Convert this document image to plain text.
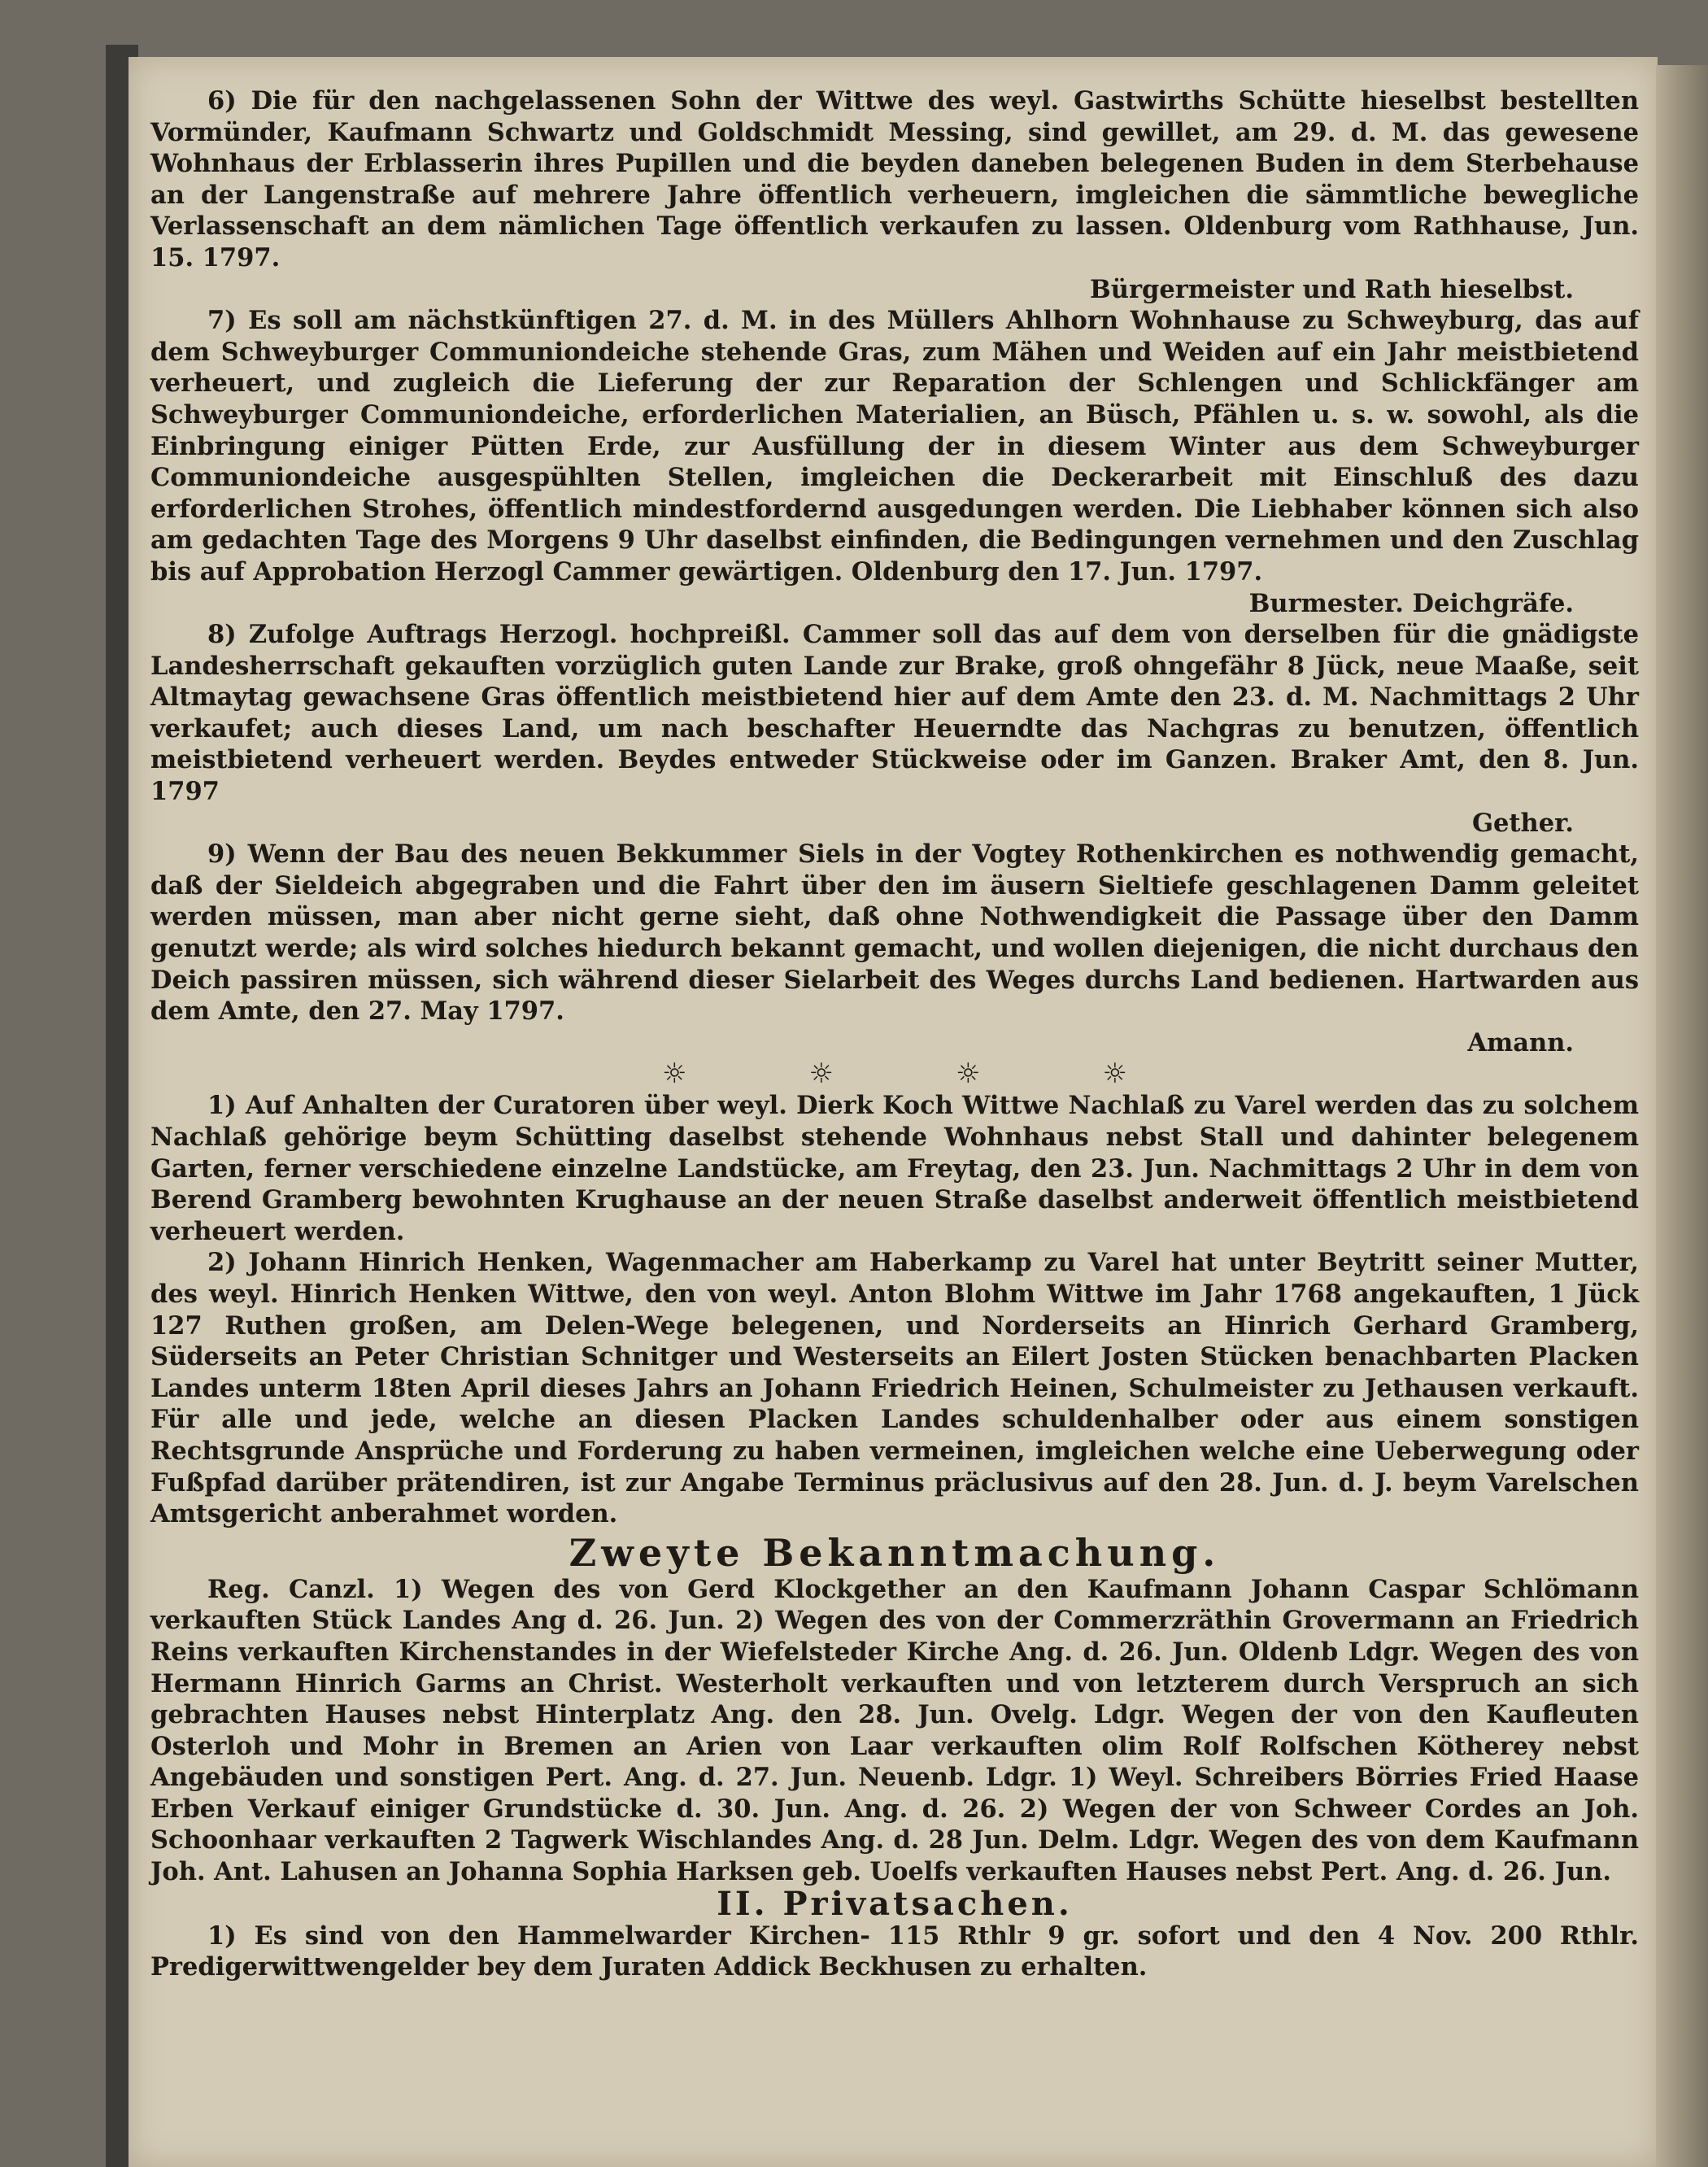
6) Die für den nachgelassenen Sohn der Wittwe des weyl. Gastwirths Schütte hieselbst bestellten Vormünder, Kaufmann Schwartz und Goldschmidt Messing, sind gewillet, am 29. d. M. das gewesene Wohnhaus der Erblasserin ihres Pupillen und die beyden daneben belegenen Buden in dem Sterbehause an der Langenstraße auf mehrere Jahre öffentlich verheuern, imgleichen die sämmtliche bewegliche Verlassenschaft an dem nämlichen Tage öffentlich verkaufen zu lassen. Oldenburg vom Rathhause, Jun. 15. 1797.

Bürgermeister und Rath hieselbst.

7) Es soll am nächstkünftigen 27. d. M. in des Müllers Ahlhorn Wohnhause zu Schweyburg, das auf dem Schweyburger Communiondeiche stehende Gras, zum Mähen und Weiden auf ein Jahr meistbietend verheuert, und zugleich die Lieferung der zur Reparation der Schlengen und Schlickfänger am Schweyburger Communiondeiche, erforderlichen Materialien, an Büsch, Pfählen u. s. w. sowohl, als die Einbringung einiger Pütten Erde, zur Ausfüllung der in diesem Winter aus dem Schweyburger Communiondeiche ausgespühlten Stellen, imgleichen die Deckerarbeit mit Einschluß des dazu erforderlichen Strohes, öffentlich mindestfordernd ausgedungen werden. Die Liebhaber können sich also am gedachten Tage des Morgens 9 Uhr daselbst einfinden, die Bedingungen vernehmen und den Zuschlag bis auf Approbation Herzogl Cammer gewärtigen. Oldenburg den 17. Jun. 1797.

Burmester. Deichgräfe.

8) Zufolge Auftrags Herzogl. hochpreißl. Cammer soll das auf dem von derselben für die gnädigste Landesherrschaft gekauften vorzüglich guten Lande zur Brake, groß ohngefähr 8 Jück, neue Maaße, seit Altmaytag gewachsene Gras öffentlich meistbietend hier auf dem Amte den 23. d. M. Nachmittags 2 Uhr verkaufet; auch dieses Land, um nach beschafter Heuerndte das Nachgras zu benutzen, öffentlich meistbietend verheuert werden. Beydes entweder Stückweise oder im Ganzen. Braker Amt, den 8. Jun. 1797

Gether.

9) Wenn der Bau des neuen Bekkummer Siels in der Vogtey Rothenkirchen es nothwendig gemacht, daß der Sieldeich abgegraben und die Fahrt über den im äusern Sieltiefe geschlagenen Damm geleitet werden müssen, man aber nicht gerne sieht, daß ohne Nothwendigkeit die Passage über den Damm genutzt werde; als wird solches hiedurch bekannt gemacht, und wollen diejenigen, die nicht durchaus den Deich passiren müssen, sich während dieser Sielarbeit des Weges durchs Land bedienen. Hartwarden aus dem Amte, den 27. May 1797.

Amann.

☼	☼	☼	☼

1) Auf Anhalten der Curatoren über weyl. Dierk Koch Wittwe Nachlaß zu Varel werden das zu solchem Nachlaß gehörige beym Schütting daselbst stehende Wohnhaus nebst Stall und dahinter belegenem Garten, ferner verschiedene einzelne Landstücke, am Freytag, den 23. Jun. Nachmittags 2 Uhr in dem von Berend Gramberg bewohnten Krughause an der neuen Straße daselbst anderweit öffentlich meistbietend verheuert werden.

2) Johann Hinrich Henken, Wagenmacher am Haberkamp zu Varel hat unter Beytritt seiner Mutter, des weyl. Hinrich Henken Wittwe, den von weyl. Anton Blohm Wittwe im Jahr 1768 angekauften, 1 Jück 127 Ruthen großen, am Delen-Wege belegenen, und Norderseits an Hinrich Gerhard Gramberg, Süderseits an Peter Christian Schnitger und Westerseits an Eilert Josten Stücken benachbarten Placken Landes unterm 18ten April dieses Jahrs an Johann Friedrich Heinen, Schulmeister zu Jethausen verkauft. Für alle und jede, welche an diesen Placken Landes schuldenhalber oder aus einem sonstigen Rechtsgrunde Ansprüche und Forderung zu haben vermeinen, imgleichen welche eine Ueberwegung oder Fußpfad darüber prätendiren, ist zur Angabe Terminus präclusivus auf den 28. Jun. d. J. beym Varelschen Amtsgericht anberahmet worden.

Zweyte Bekanntmachung.

Reg. Canzl. 1) Wegen des von Gerd Klockgether an den Kaufmann Johann Caspar Schlömann verkauften Stück Landes Ang d. 26. Jun. 2) Wegen des von der Commerzräthin Grovermann an Friedrich Reins verkauften Kirchenstandes in der Wiefelsteder Kirche Ang. d. 26. Jun. Oldenb Ldgr. Wegen des von Hermann Hinrich Garms an Christ. Westerholt verkauften und von letzterem durch Verspruch an sich gebrachten Hauses nebst Hinterplatz Ang. den 28. Jun. Ovelg. Ldgr. Wegen der von den Kaufleuten Osterloh und Mohr in Bremen an Arien von Laar verkauften olim Rolf Rolfschen Kötherey nebst Angebäuden und sonstigen Pert. Ang. d. 27. Jun. Neuenb. Ldgr. 1) Weyl. Schreibers Börries Fried Haase Erben Verkauf einiger Grundstücke d. 30. Jun. Ang. d. 26. 2) Wegen der von Schweer Cordes an Joh. Schoonhaar verkauften 2 Tagwerk Wischlandes Ang. d. 28 Jun. Delm. Ldgr. Wegen des von dem Kaufmann Joh. Ant. Lahusen an Johanna Sophia Harksen geb. Uoelfs verkauften Hauses nebst Pert. Ang. d. 26. Jun.

II. Privatsachen.

1) Es sind von den Hammelwarder Kirchen- 115 Rthlr 9 gr. sofort und den 4 Nov. 200 Rthlr. Predigerwittwengelder bey dem Juraten Addick Beckhusen zu erhalten.
